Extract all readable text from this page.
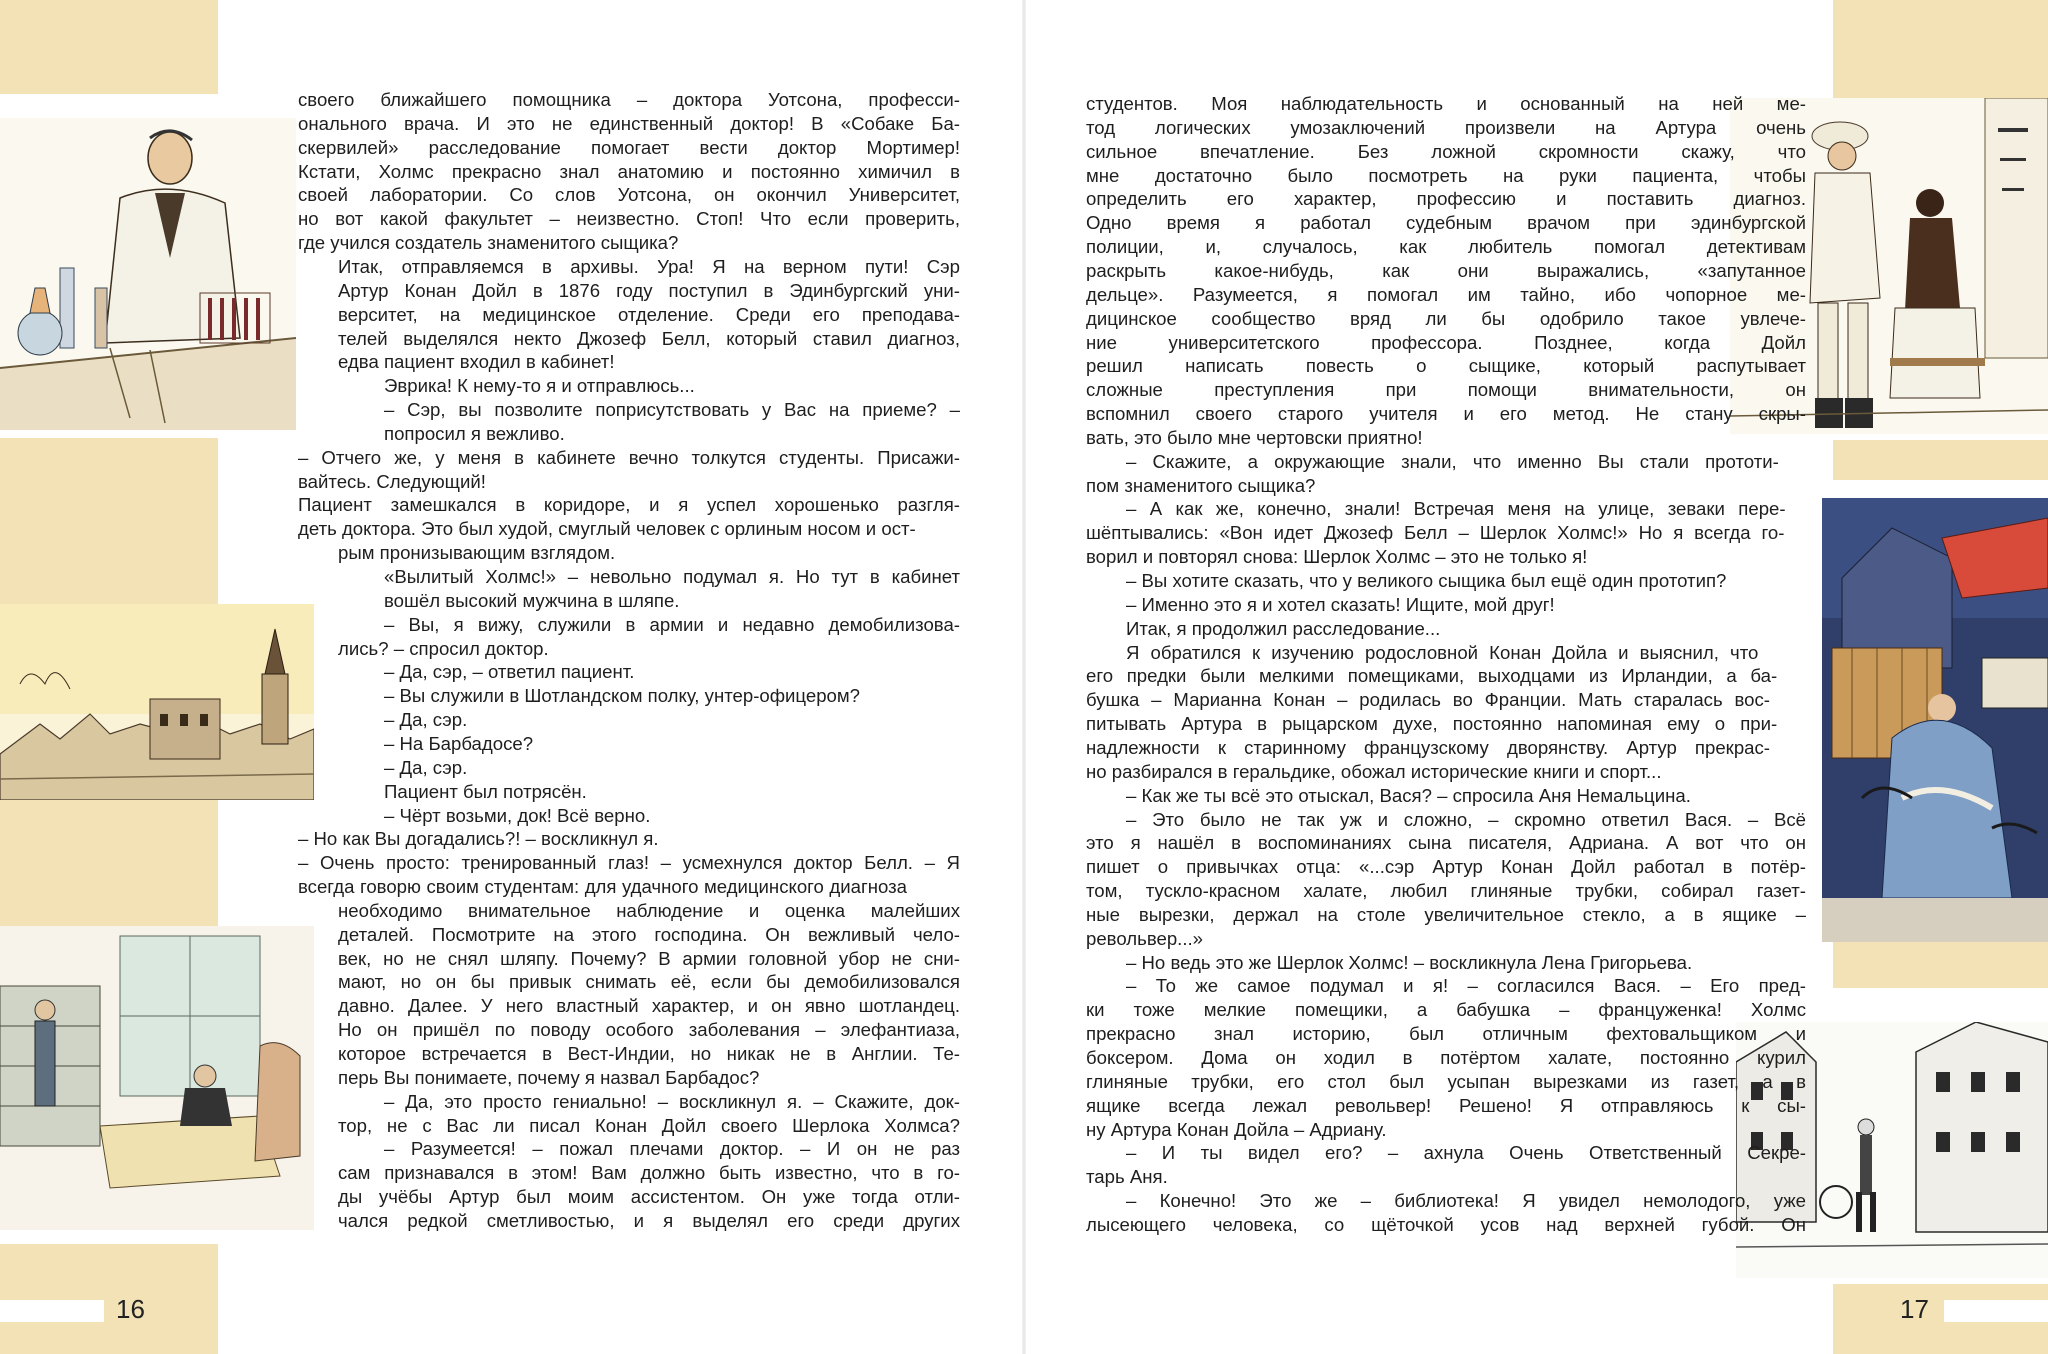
своего ближайшего помощника – доктора Уотсона, професси-
онального врача. И это не единственный доктор! В «Собаке Ба-
скервилей» расследование помогает вести доктор Мортимер!
Кстати, Холмс прекрасно знал анатомию и постоянно химичил в
своей лаборатории. Со слов Уотсона, он окончил Университет,
но вот какой факультет – неизвестно. Стоп! Что если проверить,
где учился создатель знаменитого сыщика?
Итак, отправляемся в архивы. Ура! Я на верном пути! Сэр
Артур Конан Дойл в 1876 году поступил в Эдинбургский уни-
верситет, на медицинское отделение. Среди его преподава-
телей выделялся некто Джозеф Белл, который ставил диагноз,
едва пациент входил в кабинет!
Эврика! К нему-то я и отправлюсь...
– Сэр, вы позволите поприсутствовать у Вас на приеме? –
попросил я вежливо.
– Отчего же, у меня в кабинете вечно толкутся студенты. Присажи-
вайтесь. Следующий!
Пациент замешкался в коридоре, и я успел хорошенько разгля-
деть доктора. Это был худой, смуглый человек с орлиным носом и ост-
рым пронизывающим взглядом.
«Вылитый Холмс!» – невольно подумал я. Но тут в кабинет
вошёл высокий мужчина в шляпе.
– Вы, я вижу, служили в армии и недавно демобилизова-
лись? – спросил доктор.
– Да, сэр, – ответил пациент.
– Вы служили в Шотландском полку, унтер-офицером?
– Да, сэр.
– На Барбадосе?
– Да, сэр.
Пациент был потрясён.
– Чёрт возьми, док! Всё верно.
– Но как Вы догадались?! – воскликнул я.
– Очень просто: тренированный глаз! – усмехнулся доктор Белл. – Я
всегда говорю своим студентам: для удачного медицинского диагноза
необходимо внимательное наблюдение и оценка малейших
деталей. Посмотрите на этого господина. Он вежливый чело-
век, но не снял шляпу. Почему? В армии головной убор не сни-
мают, но он бы привык снимать её, если бы демобилизовался
давно. Далее. У него властный характер, и он явно шотландец.
Но он пришёл по поводу особого заболевания – элефантиаза,
которое встречается в Вест-Индии, но никак не в Англии. Те-
перь Вы понимаете, почему я назвал Барбадос?
– Да, это просто гениально! – воскликнул я. – Скажите, док-
тор, не с Вас ли писал Конан Дойл своего Шерлока Холмса?
– Разумеется! – пожал плечами доктор. – И он не раз
сам признавался в этом! Вам должно быть известно, что в го-
ды учёбы Артур был моим ассистентом. Он уже тогда отли-
чался редкой сметливостью, и я выделял его среди других
студентов. Моя наблюдательность и основанный на ней ме-
тод логических умозаключений произвели на Артура очень
сильное впечатление. Без ложной скромности скажу, что
мне достаточно было посмотреть на руки пациента, чтобы
определить его характер, профессию и поставить диагноз.
Одно время я работал судебным врачом при эдинбургской
полиции, и, случалось, как любитель помогал детективам
раскрыть какое-нибудь, как они выражались, «запутанное
дельце». Разумеется, я помогал им тайно, ибо чопорное ме-
дицинское сообщество вряд ли бы одобрило такое увлече-
ние университетского профессора. Позднее, когда Дойл
решил написать повесть о сыщике, который распутывает
сложные преступления при помощи внимательности, он
вспомнил своего старого учителя и его метод. Не стану скры-
вать, это было мне чертовски приятно!
– Скажите, а окружающие знали, что именно Вы стали прототи-
пом знаменитого сыщика?
– А как же, конечно, знали! Встречая меня на улице, зеваки пере-
шёптывались: «Вон идет Джозеф Белл – Шерлок Холмс!» Но я всегда го-
ворил и повторял снова: Шерлок Холмс – это не только я!
– Вы хотите сказать, что у великого сыщика был ещё один прототип?
– Именно это я и хотел сказать! Ищите, мой друг!
Итак, я продолжил расследование...
Я обратился к изучению родословной Конан Дойла и выяснил, что
его предки были мелкими помещиками, выходцами из Ирландии, а ба-
бушка – Марианна Конан – родилась во Франции. Мать старалась вос-
питывать Артура в рыцарском духе, постоянно напоминая ему о при-
надлежности к старинному французскому дворянству. Артур прекрас-
но разбирался в геральдике, обожал исторические книги и спорт...
– Как же ты всё это отыскал, Вася? – спросила Аня Немальцина.
– Это было не так уж и сложно, – скромно ответил Вася. – Всё
это я нашёл в воспоминаниях сына писателя, Адриана. А вот что он
пишет о привычках отца: «...сэр Артур Конан Дойл работал в потёр-
том, тускло-красном халате, любил глиняные трубки, собирал газет-
ные вырезки, держал на столе увеличительное стекло, а в ящике –
револьвер...»
– Но ведь это же Шерлок Холмс! – воскликнула Лена Григорьева.
– То же самое подумал и я! – согласился Вася. – Его пред-
ки тоже мелкие помещики, а бабушка – француженка! Холмс
прекрасно знал историю, был отличным фехтовальщиком и
боксером. Дома он ходил в потёртом халате, постоянно курил
глиняные трубки, его стол был усыпан вырезками из газет, а в
ящике всегда лежал револьвер! Решено! Я отправляюсь к сы-
ну Артура Конан Дойла – Адриану.
– И ты видел его? – ахнула Очень Ответственный Секре-
тарь Аня.
– Конечно! Это же – библиотека! Я увидел немолодого, уже
лысеющего человека, со щёточкой усов над верхней губой. Он
16	17
